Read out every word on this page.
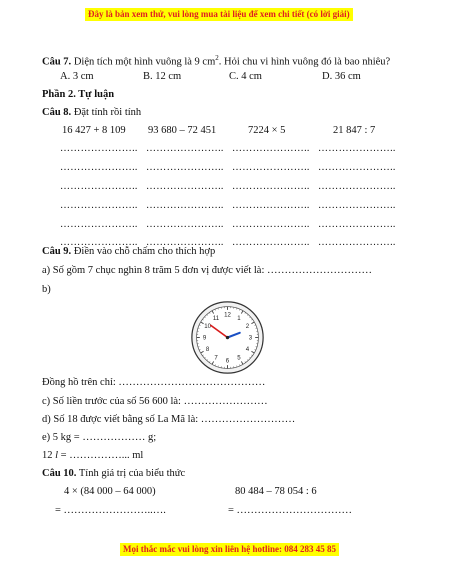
Đây là bản xem thử, vui lòng mua tài liệu để xem chi tiết (có lời giải)
Câu 7. Diện tích một hình vuông là 9 $cm^2$. Hỏi chu vi hình vuông đó là bao nhiêu?
A. 3 cm	B. 12 cm	C. 4 cm	D. 36 cm
Phần 2. Tự luận
Câu 8. Đặt tính rồi tính
16 427 + 8 109 93 680 – 72 451	7224 × 5	21 847 : 7
………………….. ………………….. ………………….. …………………..
………………….. ………………….. ………………….. …………………..
………………….. ………………….. ………………….. …………………..
………………….. ………………….. ………………….. …………………..
………………….. ………………….. ………………….. …………………..
………………….. ………………….. ………………….. …………………..
Câu 9. Điền vào chỗ chấm cho thích hợp
a) Số gồm 7 chục nghìn 8 trăm 5 đơn vị được viết là: …………………………
b)
12 1
2
3
4
5
6
7
8
9
10
11
Đồng hồ trên chỉ: ……………………………………
c) Số liền trước của số 56 600 là: ……………………
d) Số 18 được viết bằng số La Mã là: ………………………
e) 5 kg = ……………… g;
12 l = ……………... ml
Câu 10. Tính giá trị của biểu thức
4 × (84 000 – 64 000)	80 484 – 78 054 : 6
= ……………………..….	= ……………………………
Mọi thắc mắc vui lòng xin liên hệ hotline: 084 283 45 85
